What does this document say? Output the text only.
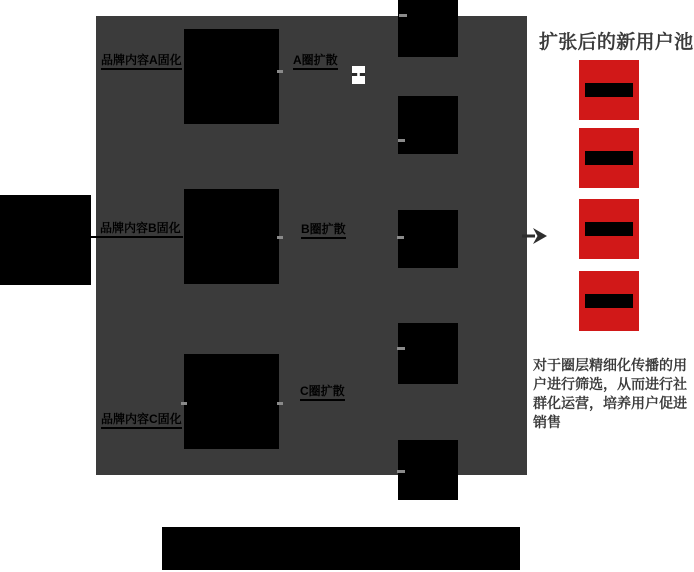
品牌内容A固化	A圈扩散
品牌内容B固化	B圈扩散
C圈扩散
品牌内容C固化
扩张后的新用户池
对于圈层精细化传播的用户进行筛选，从而进行社群化运营，培养用户促进销售
